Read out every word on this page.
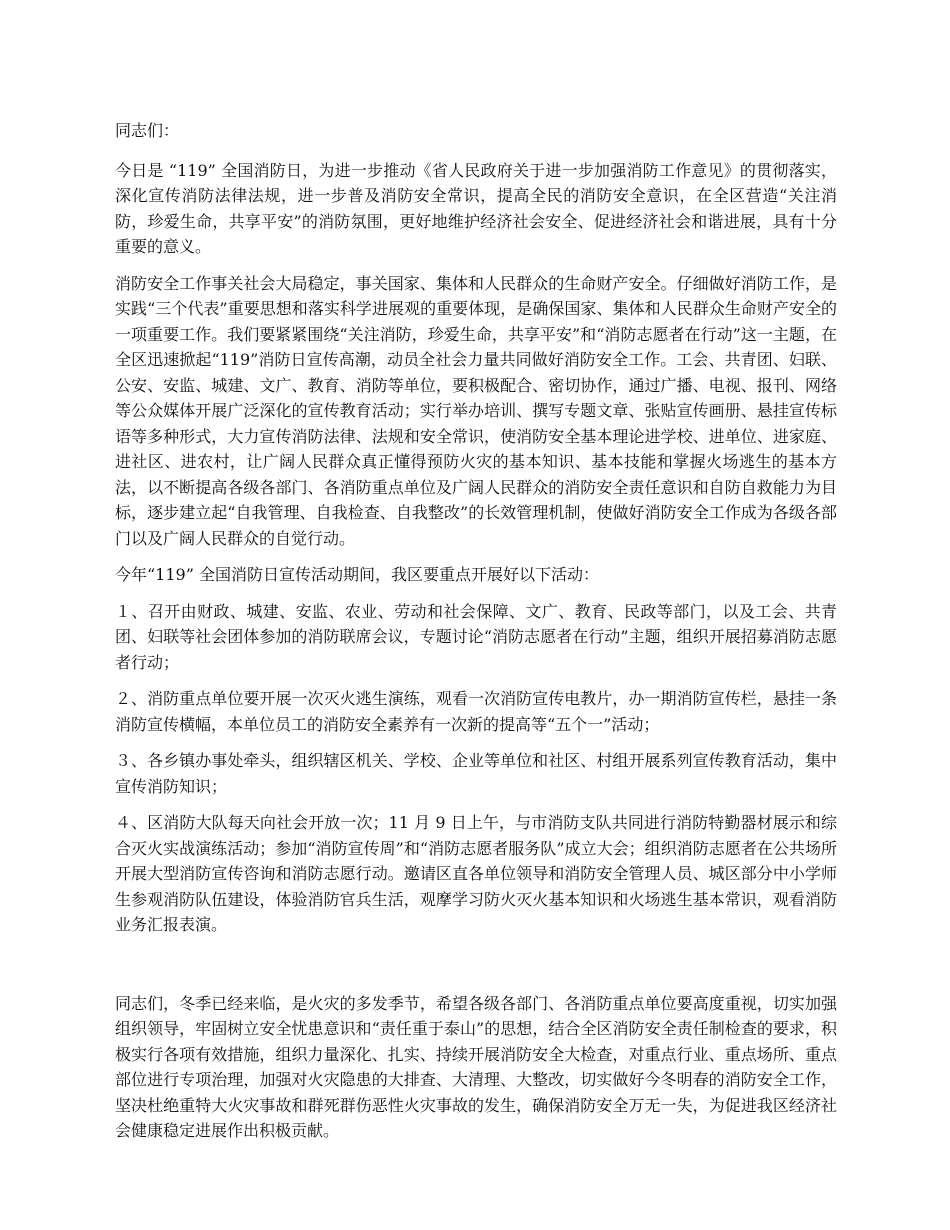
同志们：

今日是 “119” 全国消防日，为进一步推动《省人民政府关于进一步加强消防工作意见》的贯彻落实，深化宣传消防法律法规，进一步普及消防安全常识，提高全民的消防安全意识，在全区营造“关注消防，珍爱生命，共享平安”的消防氛围，更好地维护经济社会安全、促进经济社会和谐进展，具有十分重要的意义。

消防安全工作事关社会大局稳定，事关国家、集体和人民群众的生命财产安全。仔细做好消防工作，是实践“三个代表”重要思想和落实科学进展观的重要体现，是确保国家、集体和人民群众生命财产安全的一项重要工作。我们要紧紧围绕“关注消防，珍爱生命，共享平安”和“消防志愿者在行动”这一主题，在全区迅速掀起“119”消防日宣传高潮，动员全社会力量共同做好消防安全工作。工会、共青团、妇联、公安、安监、城建、文广、教育、消防等单位，要积极配合、密切协作，通过广播、电视、报刊、网络等公众媒体开展广泛深化的宣传教育活动；实行举办培训、撰写专题文章、张贴宣传画册、悬挂宣传标语等多种形式，大力宣传消防法律、法规和安全常识，使消防安全基本理论进学校、进单位、进家庭、进社区、进农村，让广阔人民群众真正懂得预防火灾的基本知识、基本技能和掌握火场逃生的基本方法，以不断提高各级各部门、各消防重点单位及广阔人民群众的消防安全责任意识和自防自救能力为目标，逐步建立起“自我管理、自我检查、自我整改”的长效管理机制，使做好消防安全工作成为各级各部门以及广阔人民群众的自觉行动。

今年“119” 全国消防日宣传活动期间，我区要重点开展好以下活动：

１、召开由财政、城建、安监、农业、劳动和社会保障、文广、教育、民政等部门，以及工会、共青团、妇联等社会团体参加的消防联席会议，专题讨论“消防志愿者在行动”主题，组织开展招募消防志愿者行动；

２、消防重点单位要开展一次灭火逃生演练，观看一次消防宣传电教片，办一期消防宣传栏，悬挂一条消防宣传横幅，本单位员工的消防安全素养有一次新的提高等“五个一”活动；

３、各乡镇办事处牵头，组织辖区机关、学校、企业等单位和社区、村组开展系列宣传教育活动，集中宣传消防知识；

４、区消防大队每天向社会开放一次；11 月 9 日上午，与市消防支队共同进行消防特勤器材展示和综合灭火实战演练活动；参加“消防宣传周”和“消防志愿者服务队”成立大会；组织消防志愿者在公共场所开展大型消防宣传咨询和消防志愿行动。邀请区直各单位领导和消防安全管理人员、城区部分中小学师生参观消防队伍建设，体验消防官兵生活，观摩学习防火灭火基本知识和火场逃生基本常识，观看消防业务汇报表演。

同志们，冬季已经来临，是火灾的多发季节，希望各级各部门、各消防重点单位要高度重视，切实加强组织领导，牢固树立安全忧患意识和“责任重于泰山”的思想，结合全区消防安全责任制检查的要求，积极实行各项有效措施，组织力量深化、扎实、持续开展消防安全大检查，对重点行业、重点场所、重点部位进行专项治理，加强对火灾隐患的大排查、大清理、大整改，切实做好今冬明春的消防安全工作，坚决杜绝重特大火灾事故和群死群伤恶性火灾事故的发生，确保消防安全万无一失，为促进我区经济社会健康稳定进展作出积极贡献。
